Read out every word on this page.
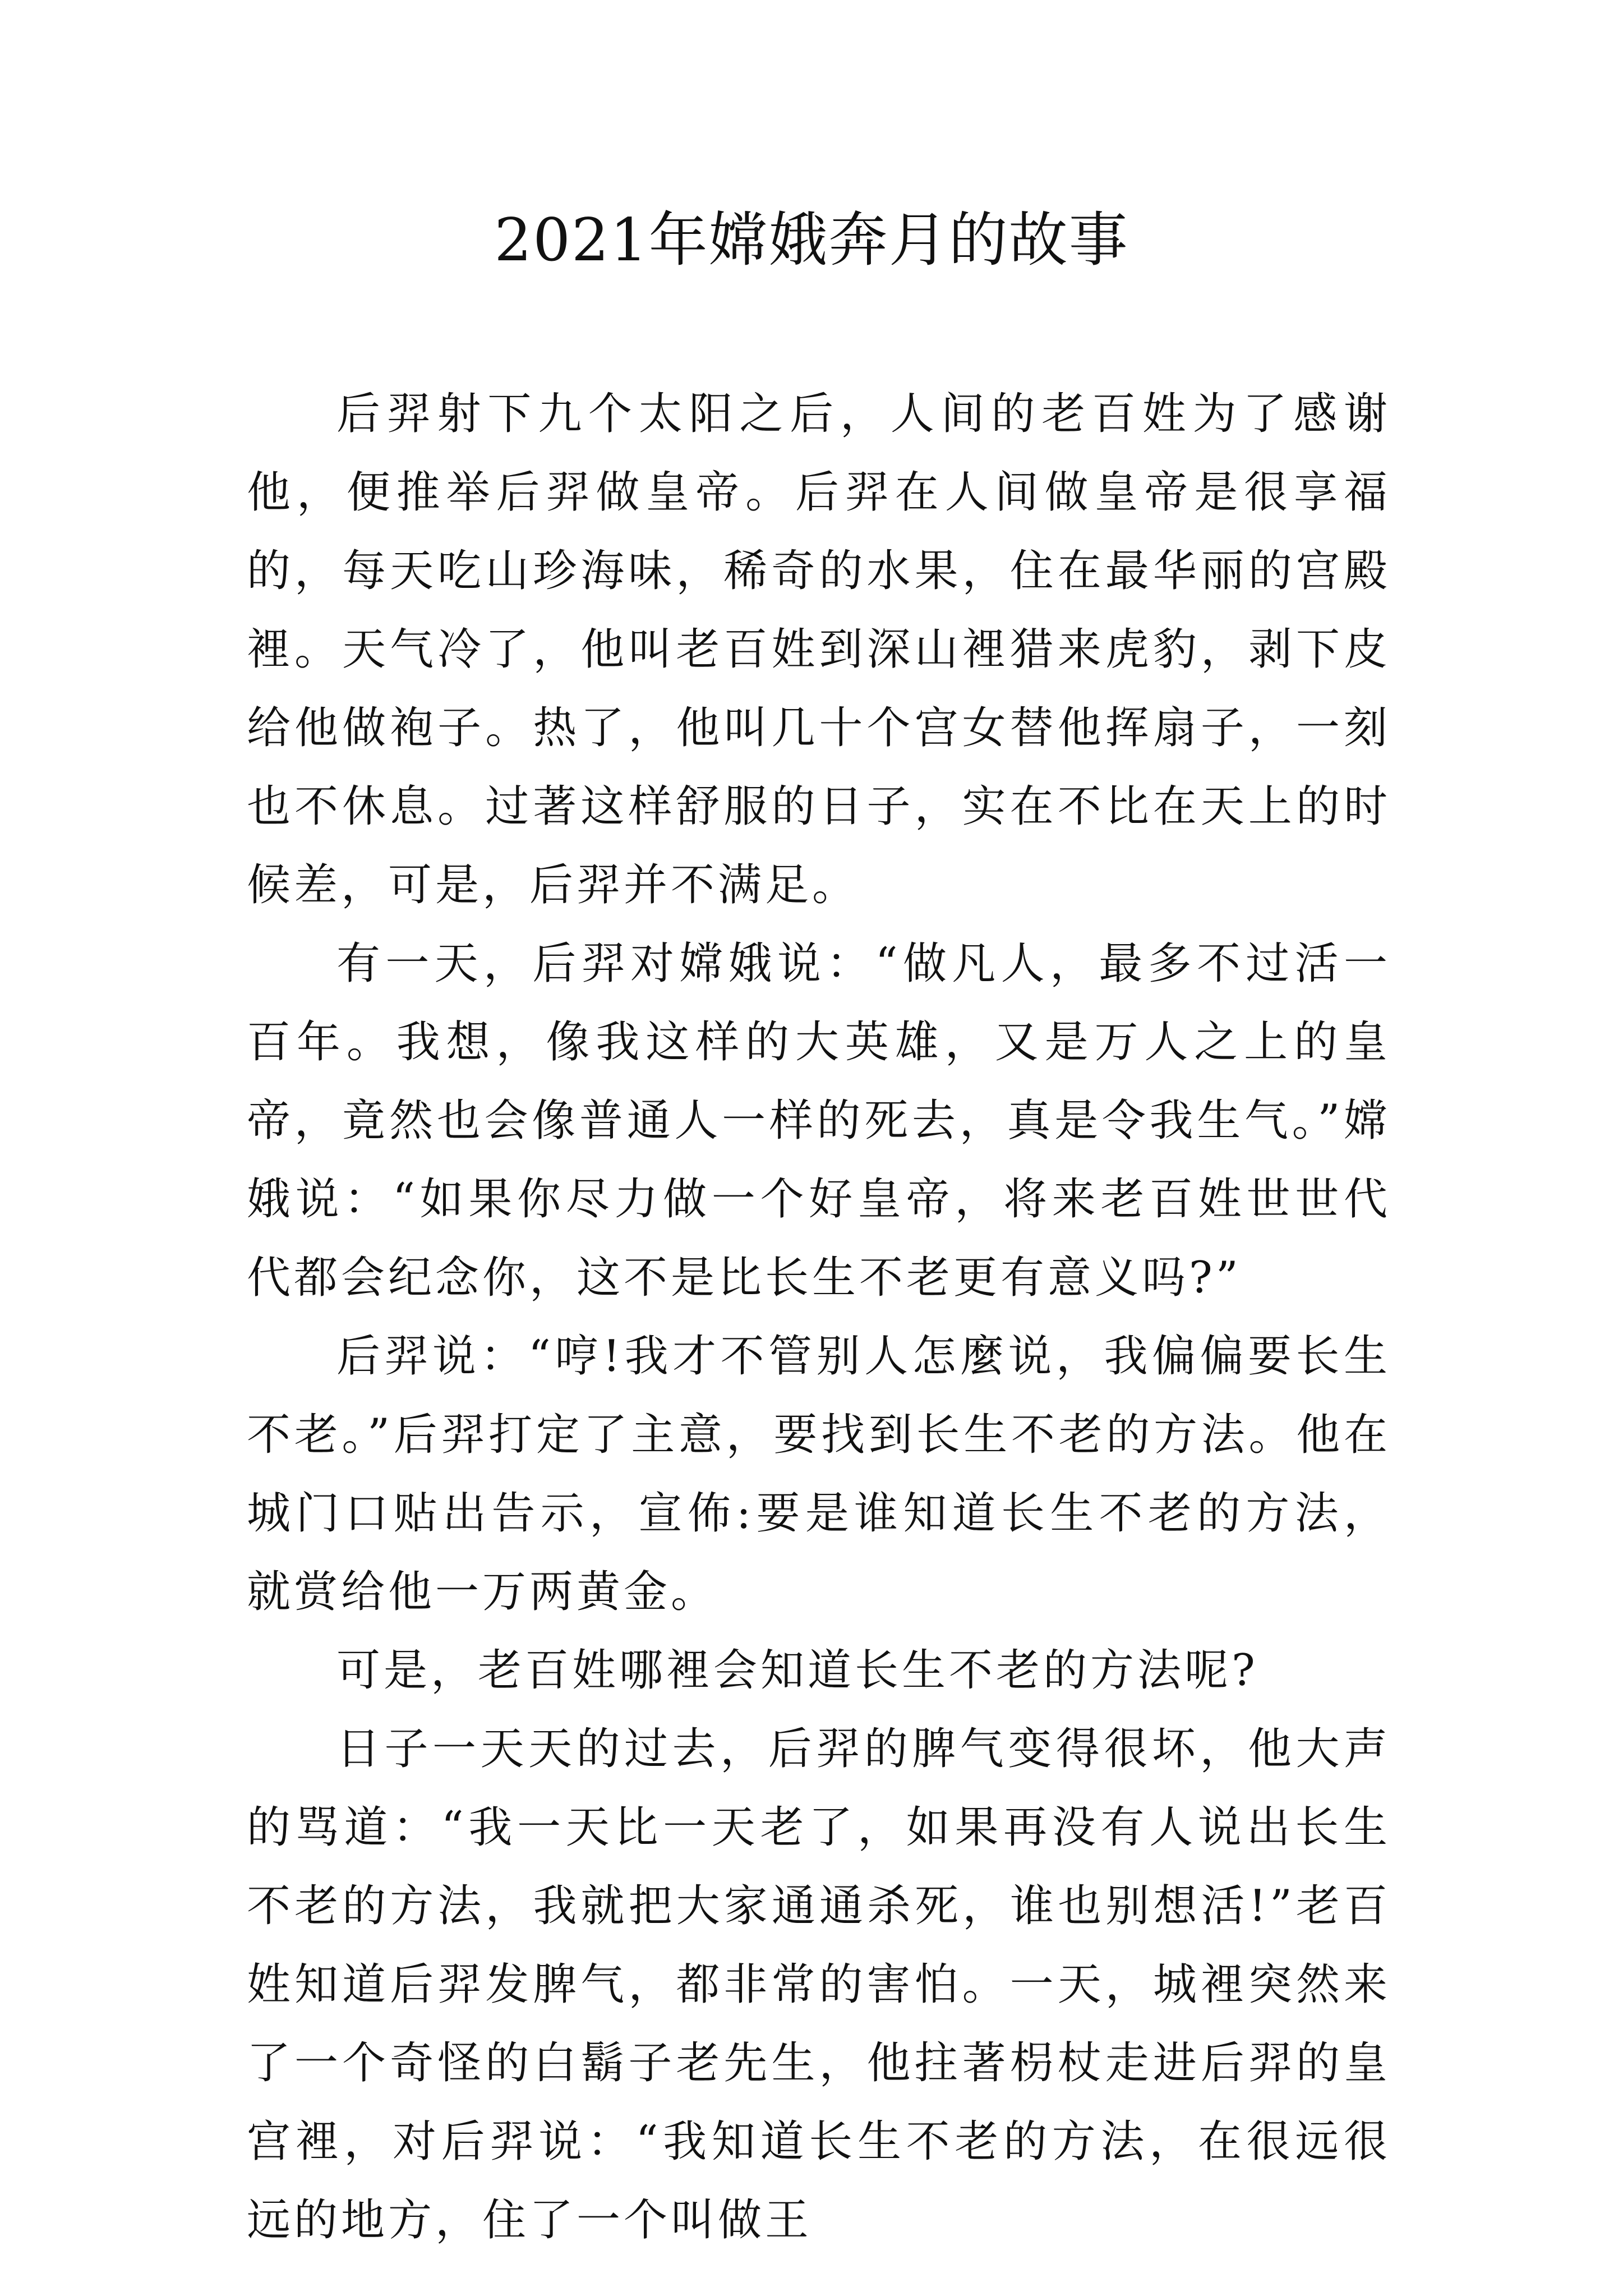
2021年嫦娥奔月的故事

后羿射下九个太阳之后，人间的老百姓为了感谢他，便推举后羿做皇帝。后羿在人间做皇帝是很享福的，每天吃山珍海味，稀奇的水果，住在最华丽的宫殿裡。天气冷了，他叫老百姓到深山裡猎来虎豹，剥下皮给他做袍子。热了，他叫几十个宫女替他挥扇子，一刻也不休息。过著这样舒服的日子，实在不比在天上的时候差，可是，后羿并不满足。

有一天，后羿对嫦娥说：“做凡人，最多不过活一百年。我想，像我这样的大英雄，又是万人之上的皇帝，竟然也会像普通人一样的死去，真是令我生气。”嫦娥说：“如果你尽力做一个好皇帝，将来老百姓世世代代都会纪念你，这不是比长生不老更有意义吗?”

后羿说：“哼!我才不管别人怎麼说，我偏偏要长生不老。”后羿打定了主意，要找到长生不老的方法。他在城门口贴出告示，宣佈:要是谁知道长生不老的方法，就赏给他一万两黄金。

可是，老百姓哪裡会知道长生不老的方法呢?

日子一天天的过去，后羿的脾气变得很坏，他大声的骂道：“我一天比一天老了，如果再没有人说出长生不老的方法，我就把大家通通杀死，谁也别想活!”老百姓知道后羿发脾气，都非常的害怕。一天，城裡突然来了一个奇怪的白鬍子老先生，他拄著枴杖走进后羿的皇宫裡，对后羿说：“我知道长生不老的方法，在很远很远的地方，住了一个叫做王
